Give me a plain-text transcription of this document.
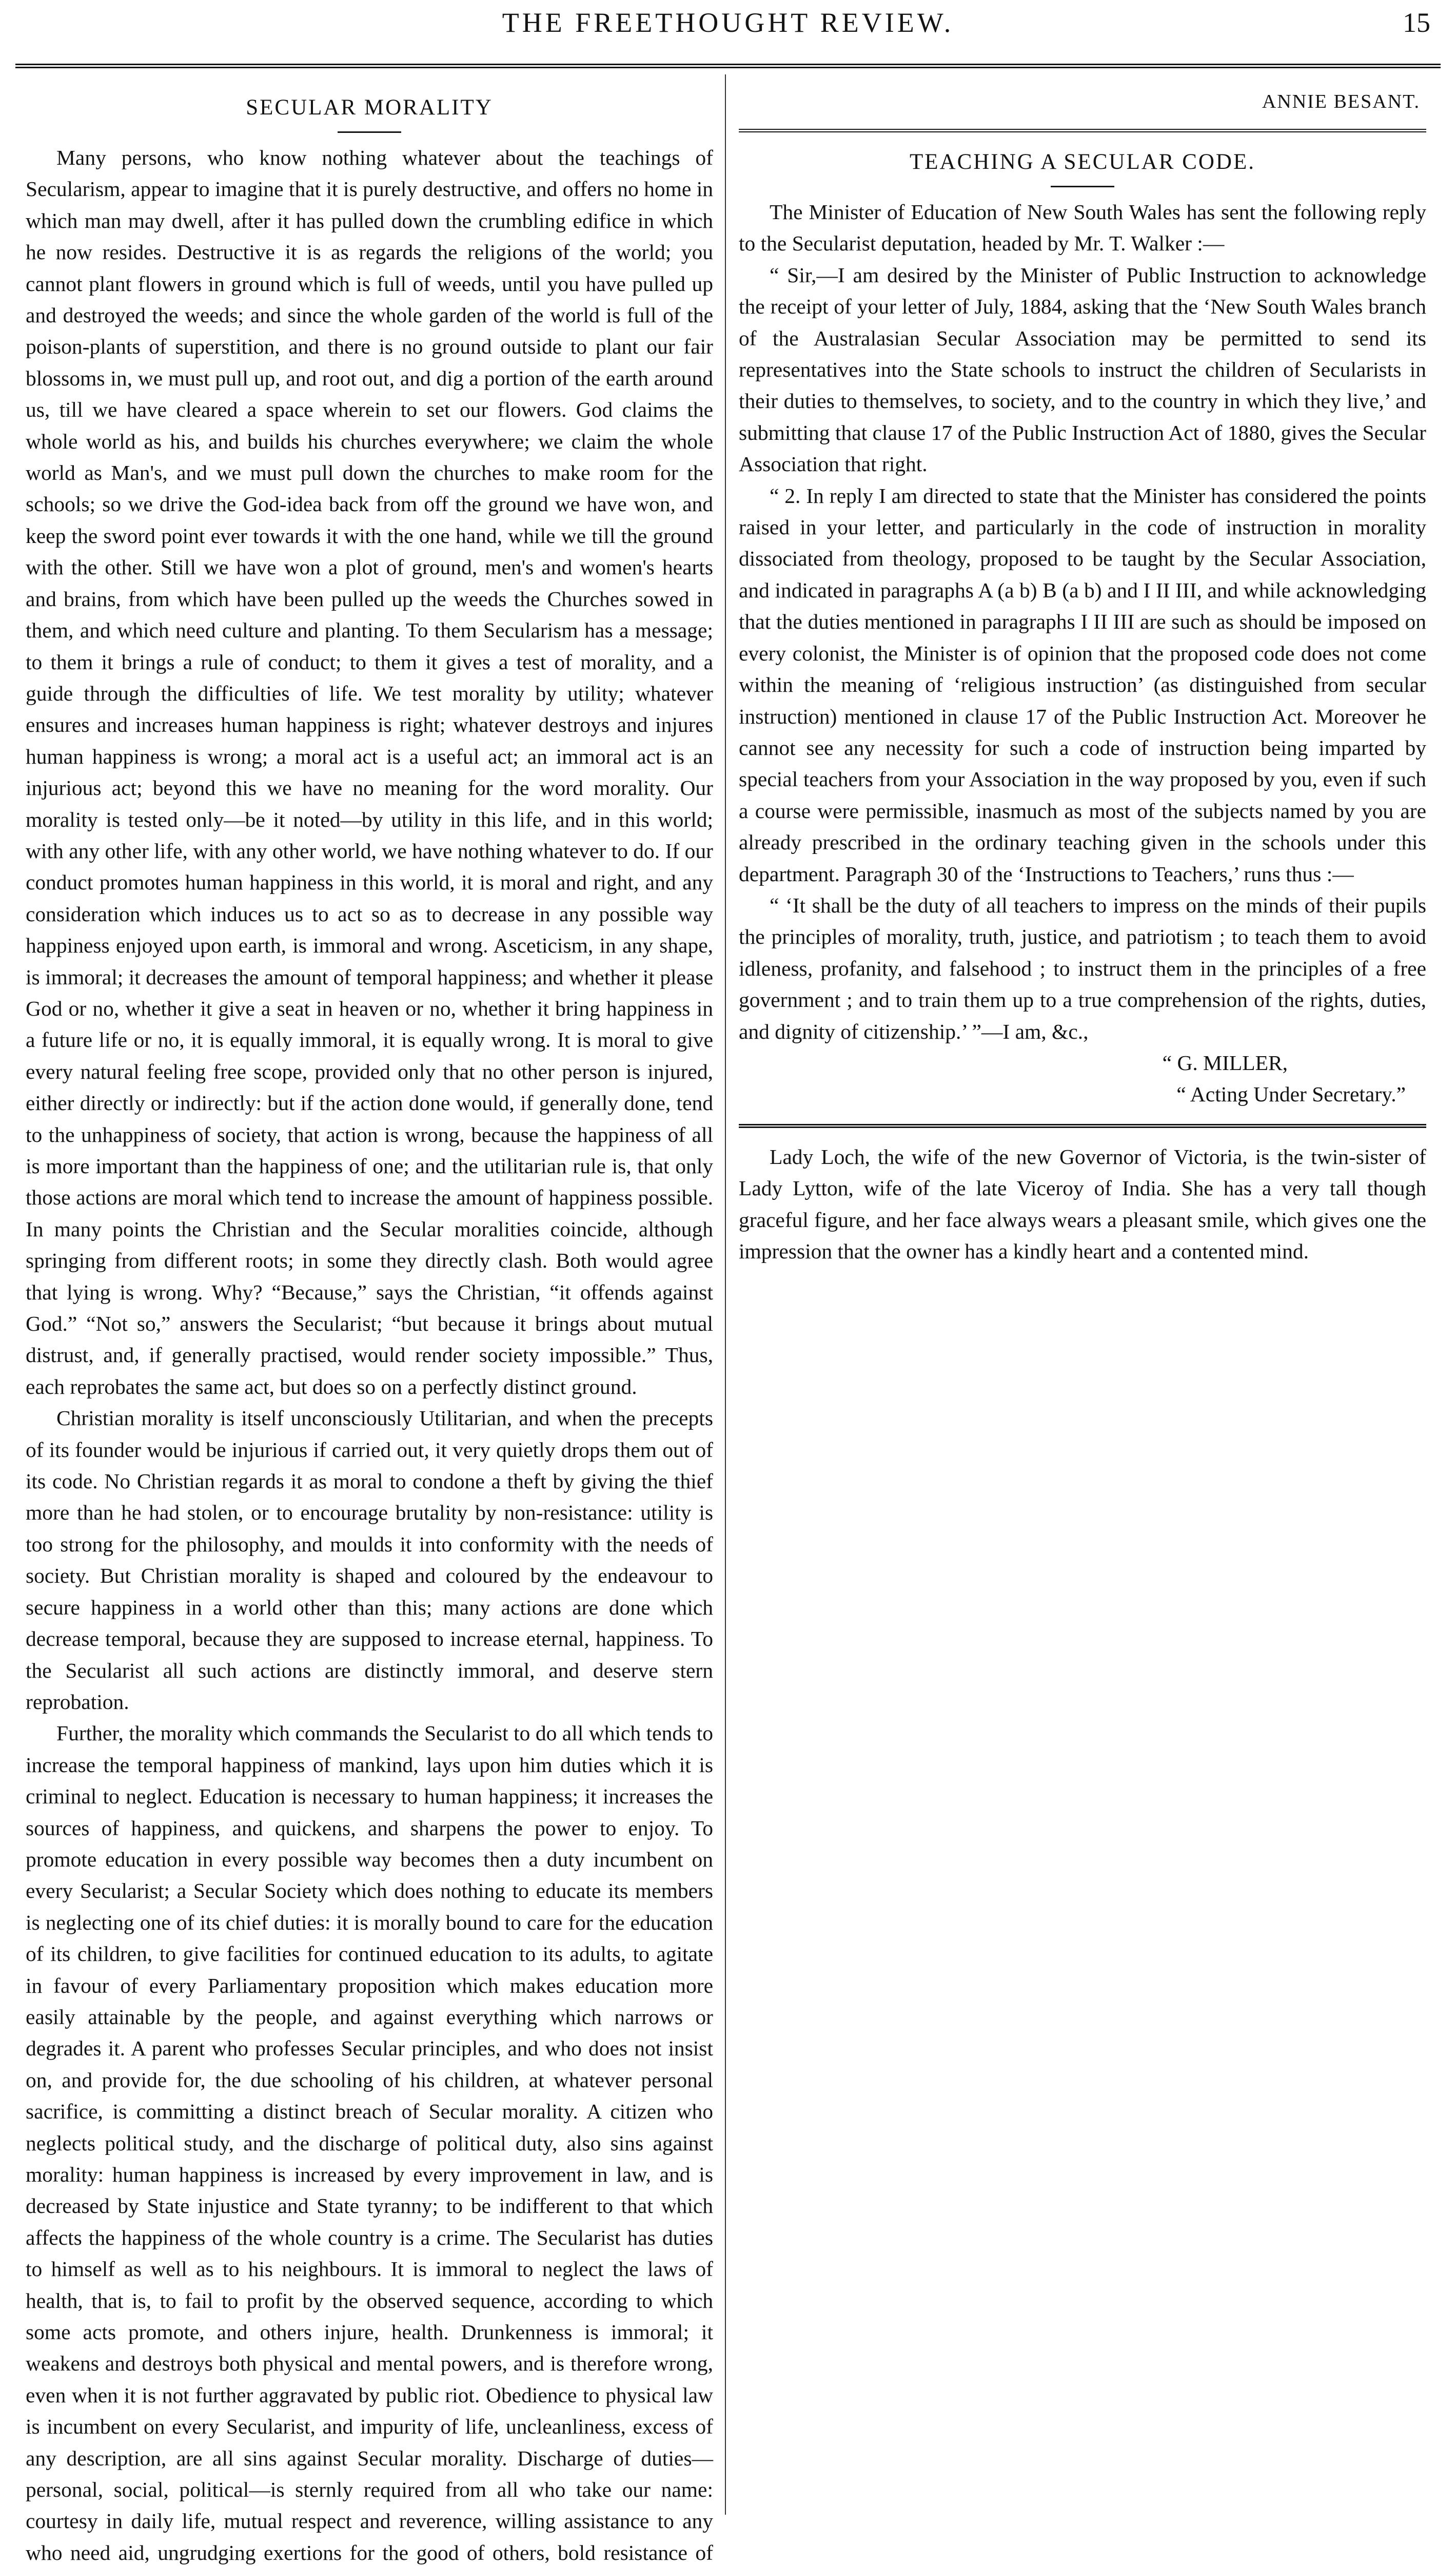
THE FREETHOUGHT REVIEW.	15
SECULAR MORALITY

Many persons, who know nothing whatever about the teachings of Secularism, appear to imagine that it is purely destructive, and offers no home in which man may dwell, after it has pulled down the crumbling edifice in which he now resides. Destructive it is as regards the religions of the world; you cannot plant flowers in ground which is full of weeds, until you have pulled up and destroyed the weeds; and since the whole garden of the world is full of the poison-plants of superstition, and there is no ground outside to plant our fair blossoms in, we must pull up, and root out, and dig a portion of the earth around us, till we have cleared a space wherein to set our flowers. God claims the whole world as his, and builds his churches everywhere; we claim the whole world as Man's, and we must pull down the churches to make room for the schools; so we drive the God-idea back from off the ground we have won, and keep the sword point ever towards it with the one hand, while we till the ground with the other. Still we have won a plot of ground, men's and women's hearts and brains, from which have been pulled up the weeds the Churches sowed in them, and which need culture and planting. To them Secularism has a message; to them it brings a rule of conduct; to them it gives a test of morality, and a guide through the difficulties of life. We test morality by utility; whatever ensures and increases human happiness is right; whatever destroys and injures human happiness is wrong; a moral act is a useful act; an immoral act is an injurious act; beyond this we have no meaning for the word morality. Our morality is tested only—be it noted—by utility in this life, and in this world; with any other life, with any other world, we have nothing whatever to do. If our conduct promotes human happiness in this world, it is moral and right, and any consideration which induces us to act so as to decrease in any possible way happiness enjoyed upon earth, is immoral and wrong. Asceticism, in any shape, is immoral; it decreases the amount of temporal happiness; and whether it please God or no, whether it give a seat in heaven or no, whether it bring happiness in a future life or no, it is equally immoral, it is equally wrong. It is moral to give every natural feeling free scope, provided only that no other person is injured, either directly or indirectly: but if the action done would, if generally done, tend to the unhappiness of society, that action is wrong, because the happiness of all is more important than the happiness of one; and the utilitarian rule is, that only those actions are moral which tend to increase the amount of happiness possible. In many points the Christian and the Secular moralities coincide, although springing from different roots; in some they directly clash. Both would agree that lying is wrong. Why? “Because,” says the Christian, “it offends against God.” “Not so,” answers the Secularist; “but because it brings about mutual distrust, and, if generally practised, would render society impossible.” Thus, each reprobates the same act, but does so on a perfectly distinct ground.

Christian morality is itself unconsciously Utilitarian, and when the precepts of its founder would be injurious if carried out, it very quietly drops them out of its code. No Christian regards it as moral to condone a theft by giving the thief more than he had stolen, or to encourage brutality by non-resistance: utility is too strong for the philosophy, and moulds it into conformity with the needs of society. But Christian morality is shaped and coloured by the endeavour to secure happiness in a world other than this; many actions are done which decrease temporal, because they are supposed to increase eternal, happiness. To the Secularist all such actions are distinctly immoral, and deserve stern reprobation.

Further, the morality which commands the Secularist to do all which tends to increase the temporal happiness of mankind, lays upon him duties which it is criminal to neglect. Education is necessary to human happiness; it increases the sources of happiness, and quickens, and sharpens the power to enjoy. To promote education in every possible way becomes then a duty incumbent on every Secularist; a Secular Society which does nothing to educate its members is neglecting one of its chief duties: it is morally bound to care for the education of its children, to give facilities for continued education to its adults, to agitate in favour of every Parliamentary proposition which makes education more easily attainable by the people, and against everything which narrows or degrades it. A parent who professes Secular principles, and who does not insist on, and provide for, the due schooling of his children, at whatever personal sacrifice, is committing a distinct breach of Secular morality. A citizen who neglects political study, and the discharge of political duty, also sins against morality: human happiness is increased by every improvement in law, and is decreased by State injustice and State tyranny; to be indifferent to that which affects the happiness of the whole country is a crime. The Secularist has duties to himself as well as to his neighbours. It is immoral to neglect the laws of health, that is, to fail to profit by the observed sequence, according to which some acts promote, and others injure, health. Drunkenness is immoral; it weakens and destroys both physical and mental powers, and is therefore wrong, even when it is not further aggravated by public riot. Obedience to physical law is incumbent on every Secularist, and impurity of life, uncleanliness, excess of any description, are all sins against Secular morality. Discharge of duties—personal, social, political—is sternly required from all who take our name: courtesy in daily life, mutual respect and reverence, willing assistance to any who need aid, ungrudging exertions for the good of others, bold resistance of

ANNIE BESANT.
TEACHING A SECULAR CODE.

The Minister of Education of New South Wales has sent the following reply to the Secularist deputation, headed by Mr. T. Walker :—

“ Sir,—I am desired by the Minister of Public Instruction to acknowledge the receipt of your letter of July, 1884, asking that the ‘New South Wales branch of the Australasian Secular Association may be permitted to send its representatives into the State schools to instruct the children of Secularists in their duties to themselves, to society, and to the country in which they live,’ and submitting that clause 17 of the Public Instruction Act of 1880, gives the Secular Association that right.

“ 2. In reply I am directed to state that the Minister has considered the points raised in your letter, and particularly in the code of instruction in morality dissociated from theology, proposed to be taught by the Secular Association, and indicated in paragraphs A (a b) B (a b) and I II III, and while acknowledging that the duties mentioned in paragraphs I II III are such as should be imposed on every colonist, the Minister is of opinion that the proposed code does not come within the meaning of ‘religious instruction’ (as distinguished from secular instruction) mentioned in clause 17 of the Public Instruction Act. Moreover he cannot see any necessity for such a code of instruction being imparted by special teachers from your Association in the way proposed by you, even if such a course were permissible, inasmuch as most of the subjects named by you are already prescribed in the ordinary teaching given in the schools under this department. Paragraph 30 of the ‘Instructions to Teachers,’ runs thus :—

“ ‘It shall be the duty of all teachers to impress on the minds of their pupils the principles of morality, truth, justice, and patriotism ; to teach them to avoid idleness, profanity, and falsehood ; to instruct them in the principles of a free government ; and to train them up to a true comprehension of the rights, duties, and dignity of citizenship.’ ”—I am, &c.,

“ G. MILLER,
“ Acting Under Secretary.”

Lady Loch, the wife of the new Governor of Victoria, is the twin-sister of Lady Lytton, wife of the late Viceroy of India. She has a very tall though graceful figure, and her face always wears a pleasant smile, which gives one the impression that the owner has a kindly heart and a contented mind.
